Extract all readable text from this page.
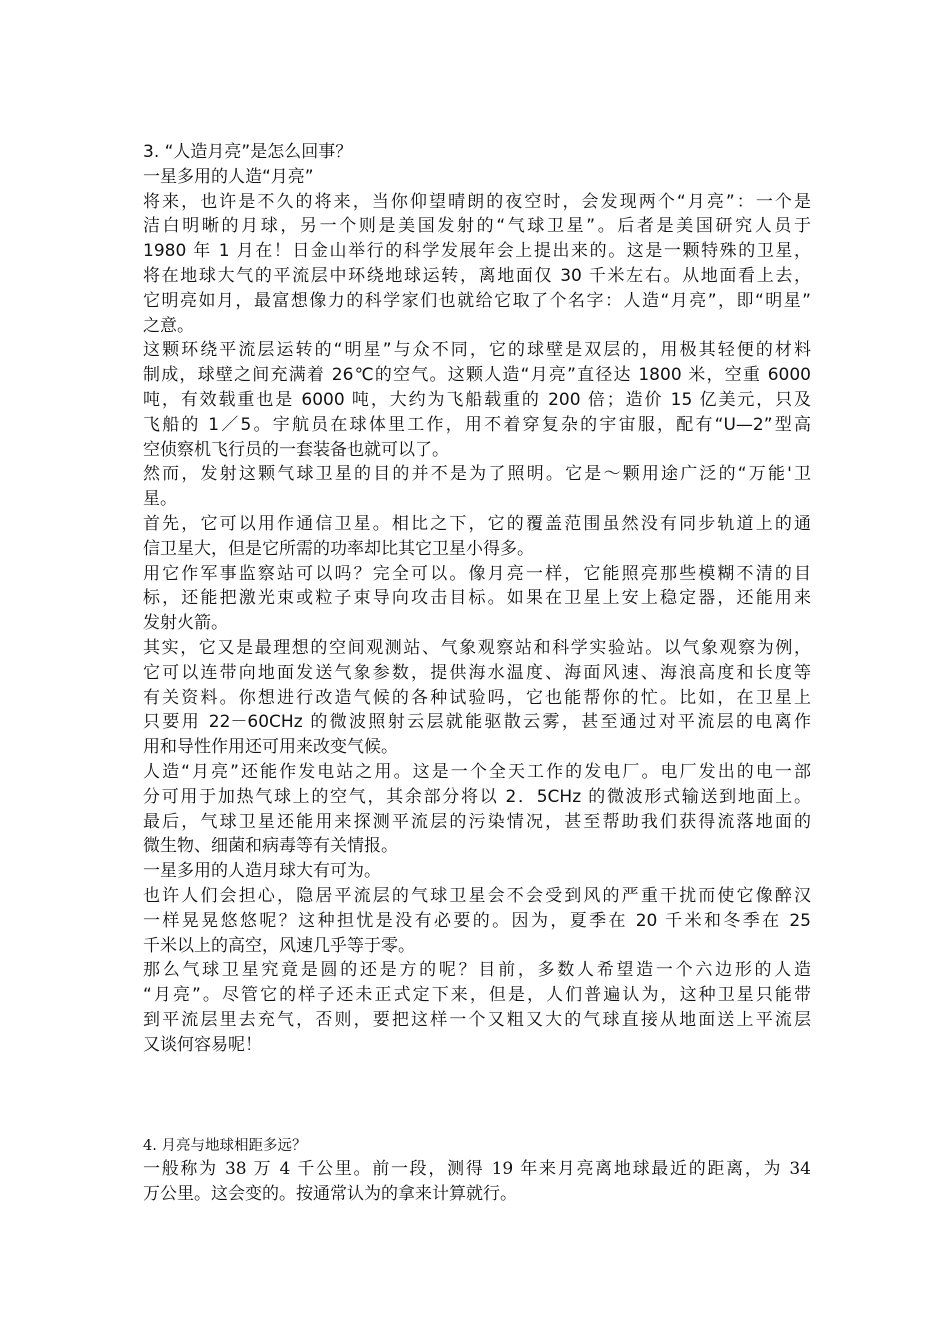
3. “人造月亮”是怎么回事？
一星多用的人造“月亮”
将来，也许是不久的将来，当你仰望晴朗的夜空时，会发现两个“月亮”：一个是
洁白明晰的月球，另一个则是美国发射的“气球卫星”。后者是美国研究人员于
1980 年 1 月在！日金山举行的科学发展年会上提出来的。这是一颗特殊的卫星，
将在地球大气的平流层中环绕地球运转，离地面仅 30 千米左右。从地面看上去，
它明亮如月，最富想像力的科学家们也就给它取了个名字：人造“月亮”，即“明星”
之意。
这颗环绕平流层运转的“明星”与众不同，它的球壁是双层的，用极其轻便的材料
制成，球壁之间充满着 26℃的空气。这颗人造“月亮”直径达 1800 米，空重 6000
吨，有效载重也是 6000 吨，大约为飞船载重的 200 倍；造价 15 亿美元，只及
飞船的 1／5。宇航员在球体里工作，用不着穿复杂的宇宙服，配有“U—2”型高
空侦察机飞行员的一套装备也就可以了。
然而，发射这颗气球卫星的目的并不是为了照明。它是～颗用途广泛的“万能'卫
星。
首先，它可以用作通信卫星。相比之下，它的覆盖范围虽然没有同步轨道上的通
信卫星大，但是它所需的功率却比其它卫星小得多。
用它作军事监察站可以吗？完全可以。像月亮一样，它能照亮那些模糊不清的目
标，还能把激光束或粒子束导向攻击目标。如果在卫星上安上稳定器，还能用来
发射火箭。
其实，它又是最理想的空间观测站、气象观察站和科学实验站。以气象观察为例，
它可以连带向地面发送气象参数，提供海水温度、海面风速、海浪高度和长度等
有关资料。你想进行改造气候的各种试验吗，它也能帮你的忙。比如，在卫星上
只要用 22－60CHz 的微波照射云层就能驱散云雾，甚至通过对平流层的电离作
用和导性作用还可用来改变气候。
人造“月亮”还能作发电站之用。这是一个全天工作的发电厂。电厂发出的电一部
分可用于加热气球上的空气，其余部分将以 2．5CHz 的微波形式输送到地面上。
最后，气球卫星还能用来探测平流层的污染情况，甚至帮助我们获得流落地面的
微生物、细菌和病毒等有关情报。
一星多用的人造月球大有可为。
也许人们会担心，隐居平流层的气球卫星会不会受到风的严重干扰而使它像醉汉
一样晃晃悠悠呢？这种担忧是没有必要的。因为，夏季在 20 千米和冬季在 25
千米以上的高空，风速几乎等于零。
那么气球卫星究竟是圆的还是方的呢？目前，多数人希望造一个六边形的人造
“月亮”。尽管它的样子还未正式定下来，但是，人们普遍认为，这种卫星只能带
到平流层里去充气，否则，要把这样一个又粗又大的气球直接从地面送上平流层
又谈何容易呢！
4. 月亮与地球相距多远？
一般称为 38 万 4 千公里。前一段，测得 19 年来月亮离地球最近的距离，为 34
万公里。这会变的。按通常认为的拿来计算就行。
